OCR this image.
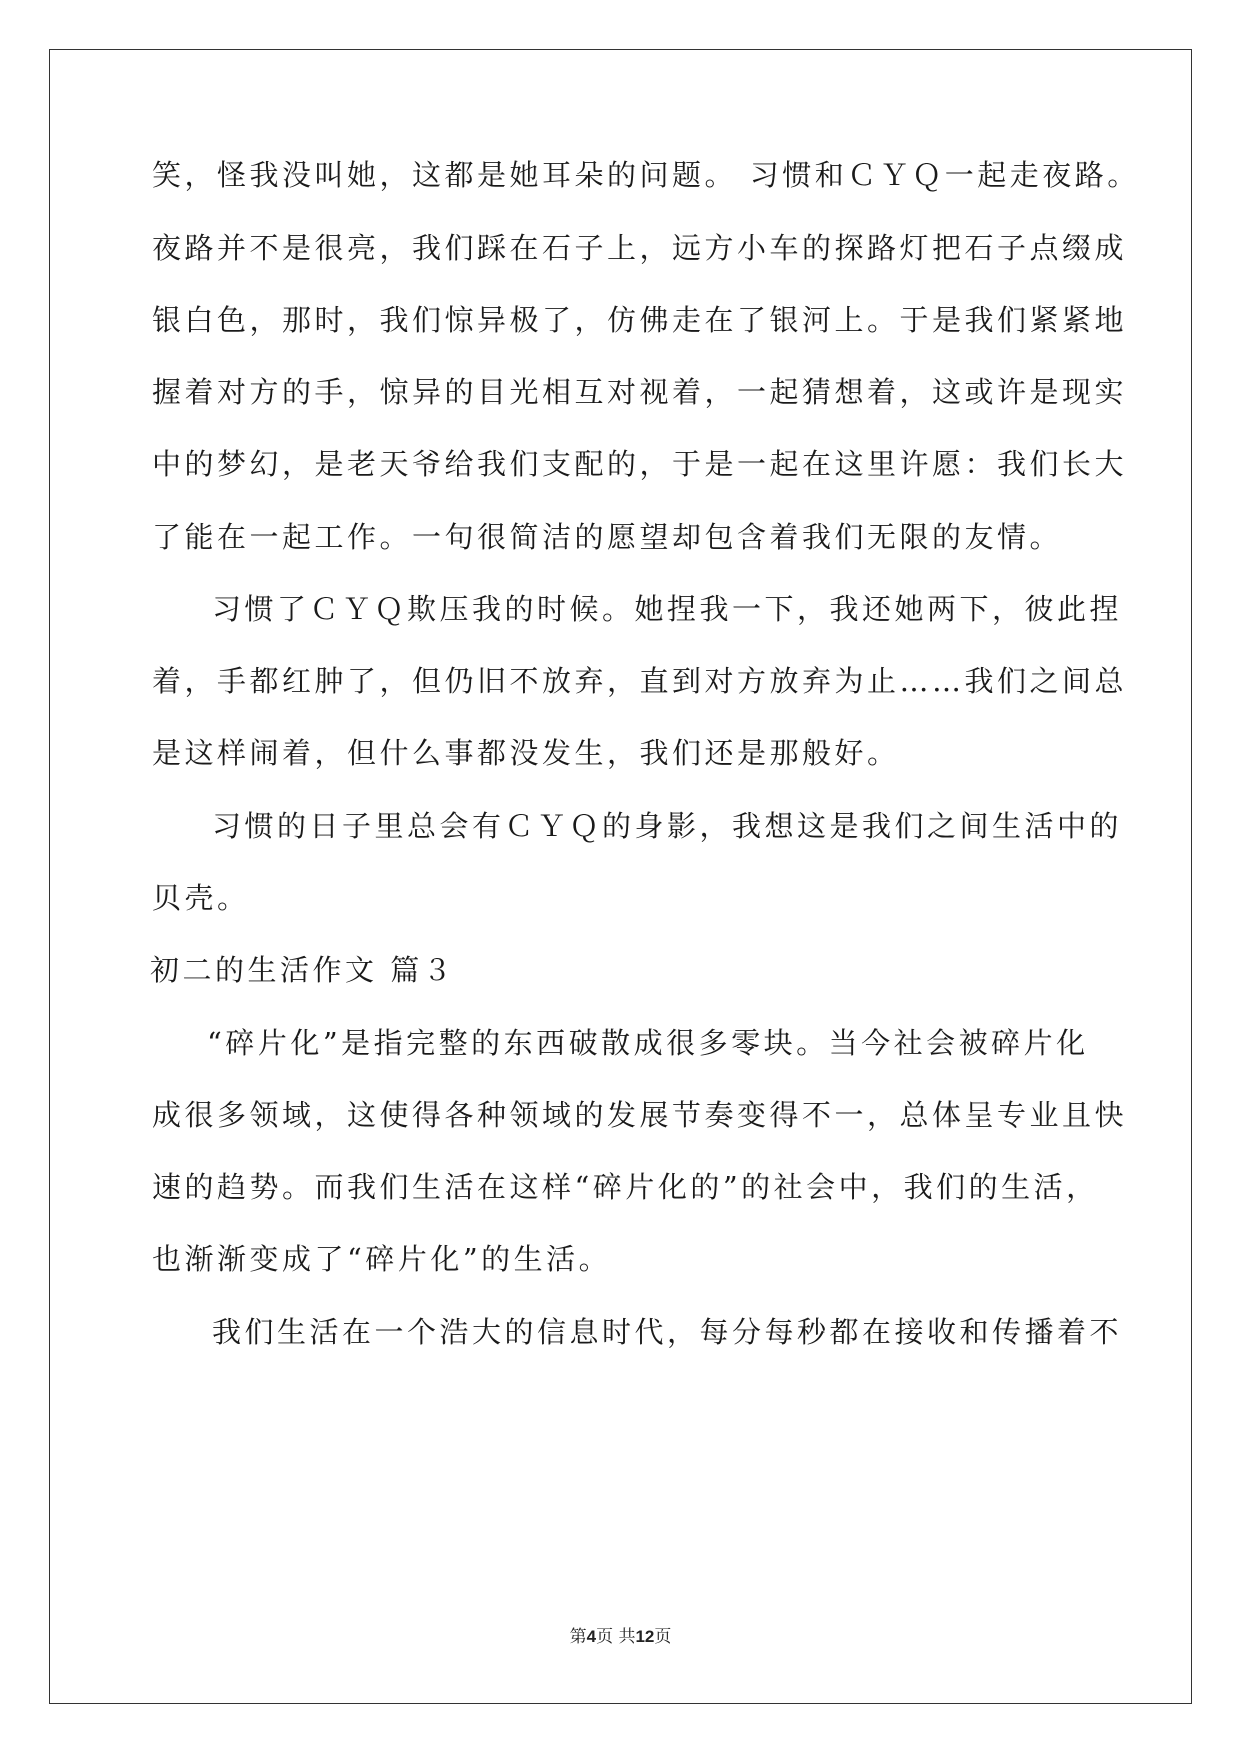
笑，怪我没叫她，这都是她耳朵的问题。 习惯和ＣＹＱ一起走夜路。
夜路并不是很亮，我们踩在石子上，远方小车的探路灯把石子点缀成
银白色，那时，我们惊异极了，仿佛走在了银河上。于是我们紧紧地
握着对方的手，惊异的目光相互对视着，一起猜想着，这或许是现实
中的梦幻，是老天爷给我们支配的，于是一起在这里许愿：我们长大
了能在一起工作。一句很简洁的愿望却包含着我们无限的友情。
习惯了ＣＹＱ欺压我的时候。她捏我一下，我还她两下，彼此捏
着，手都红肿了，但仍旧不放弃，直到对方放弃为止……我们之间总
是这样闹着，但什么事都没发生，我们还是那般好。
习惯的日子里总会有ＣＹＱ的身影，我想这是我们之间生活中的
贝壳。
初二的生活作文 篇３
“碎片化”是指完整的东西破散成很多零块。当今社会被碎片化
成很多领域，这使得各种领域的发展节奏变得不一，总体呈专业且快
速的趋势。而我们生活在这样“碎片化的”的社会中，我们的生活，
也渐渐变成了“碎片化”的生活。
我们生活在一个浩大的信息时代，每分每秒都在接收和传播着不
第4页 共12页
